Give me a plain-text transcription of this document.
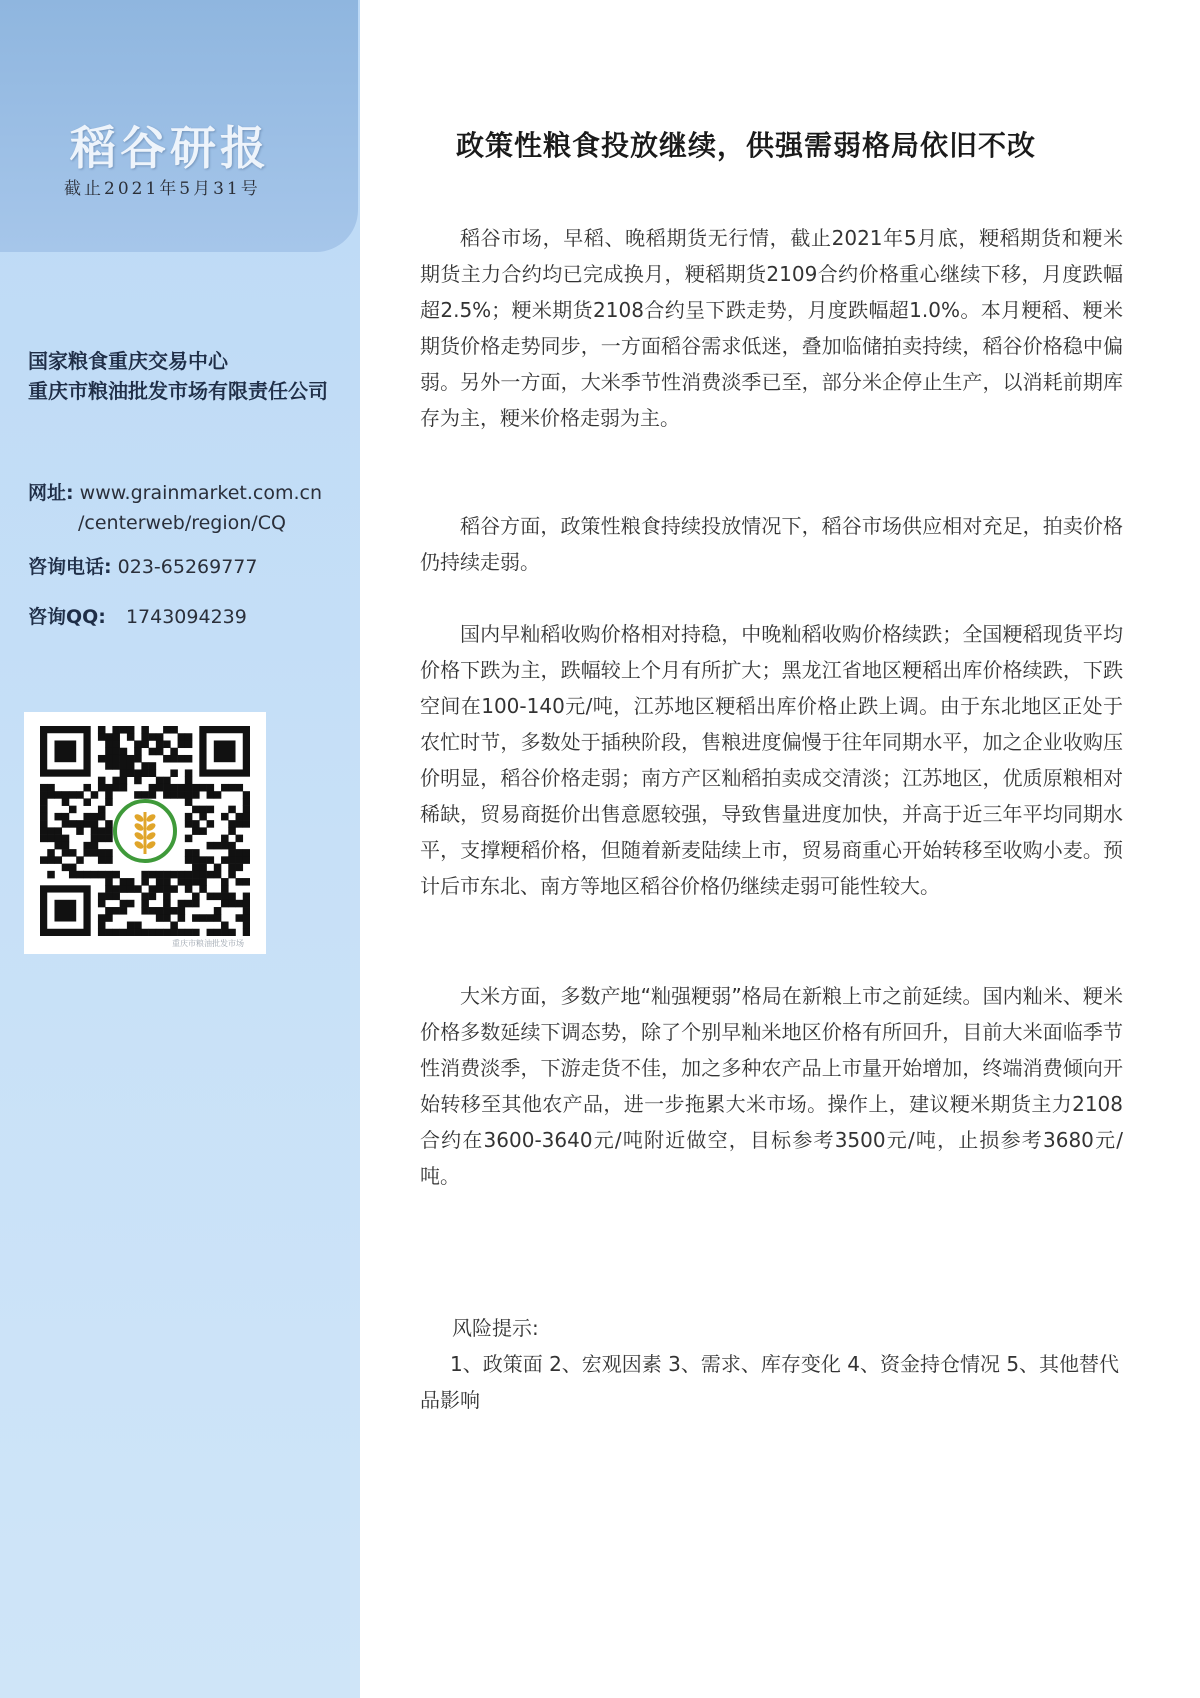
稻谷研报
截止2021年5月31号
国家粮食重庆交易中心
重庆市粮油批发市场有限责任公司
网址: www.grainmarket.com.cn
/centerweb/region/CQ
咨询电话: 023-65269777
咨询QQ: 1743094239
重庆市粮油批发市场
政策性粮食投放继续，供强需弱格局依旧不改
稻谷市场，早稻、晚稻期货无行情，截止2021年5月底，粳稻期货和粳米期货主力合约均已完成换月，粳稻期货2109合约价格重心继续下移，月度跌幅超2.5%；粳米期货2108合约呈下跌走势，月度跌幅超1.0%。本月粳稻、粳米期货价格走势同步，一方面稻谷需求低迷，叠加临储拍卖持续，稻谷价格稳中偏弱。另外一方面，大米季节性消费淡季已至，部分米企停止生产，以消耗前期库存为主，粳米价格走弱为主。
稻谷方面，政策性粮食持续投放情况下，稻谷市场供应相对充足，拍卖价格仍持续走弱。
国内早籼稻收购价格相对持稳，中晚籼稻收购价格续跌；全国粳稻现货平均价格下跌为主，跌幅较上个月有所扩大；黑龙江省地区粳稻出库价格续跌，下跌空间在100-140元/吨，江苏地区粳稻出库价格止跌上调。由于东北地区正处于农忙时节，多数处于插秧阶段，售粮进度偏慢于往年同期水平，加之企业收购压价明显，稻谷价格走弱；南方产区籼稻拍卖成交清淡；江苏地区，优质原粮相对稀缺，贸易商挺价出售意愿较强，导致售量进度加快，并高于近三年平均同期水平，支撑粳稻价格，但随着新麦陆续上市，贸易商重心开始转移至收购小麦。预计后市东北、南方等地区稻谷价格仍继续走弱可能性较大。
大米方面，多数产地“籼强粳弱”格局在新粮上市之前延续。国内籼米、粳米价格多数延续下调态势，除了个别早籼米地区价格有所回升，目前大米面临季节性消费淡季，下游走货不佳，加之多种农产品上市量开始增加，终端消费倾向开始转移至其他农产品，进一步拖累大米市场。操作上，建议粳米期货主力2108合约在3600-3640元/吨附近做空，目标参考3500元/吨，止损参考3680元/吨。
风险提示:
1、政策面 2、宏观因素 3、需求、库存变化 4、资金持仓情况 5、其他替代品影响
